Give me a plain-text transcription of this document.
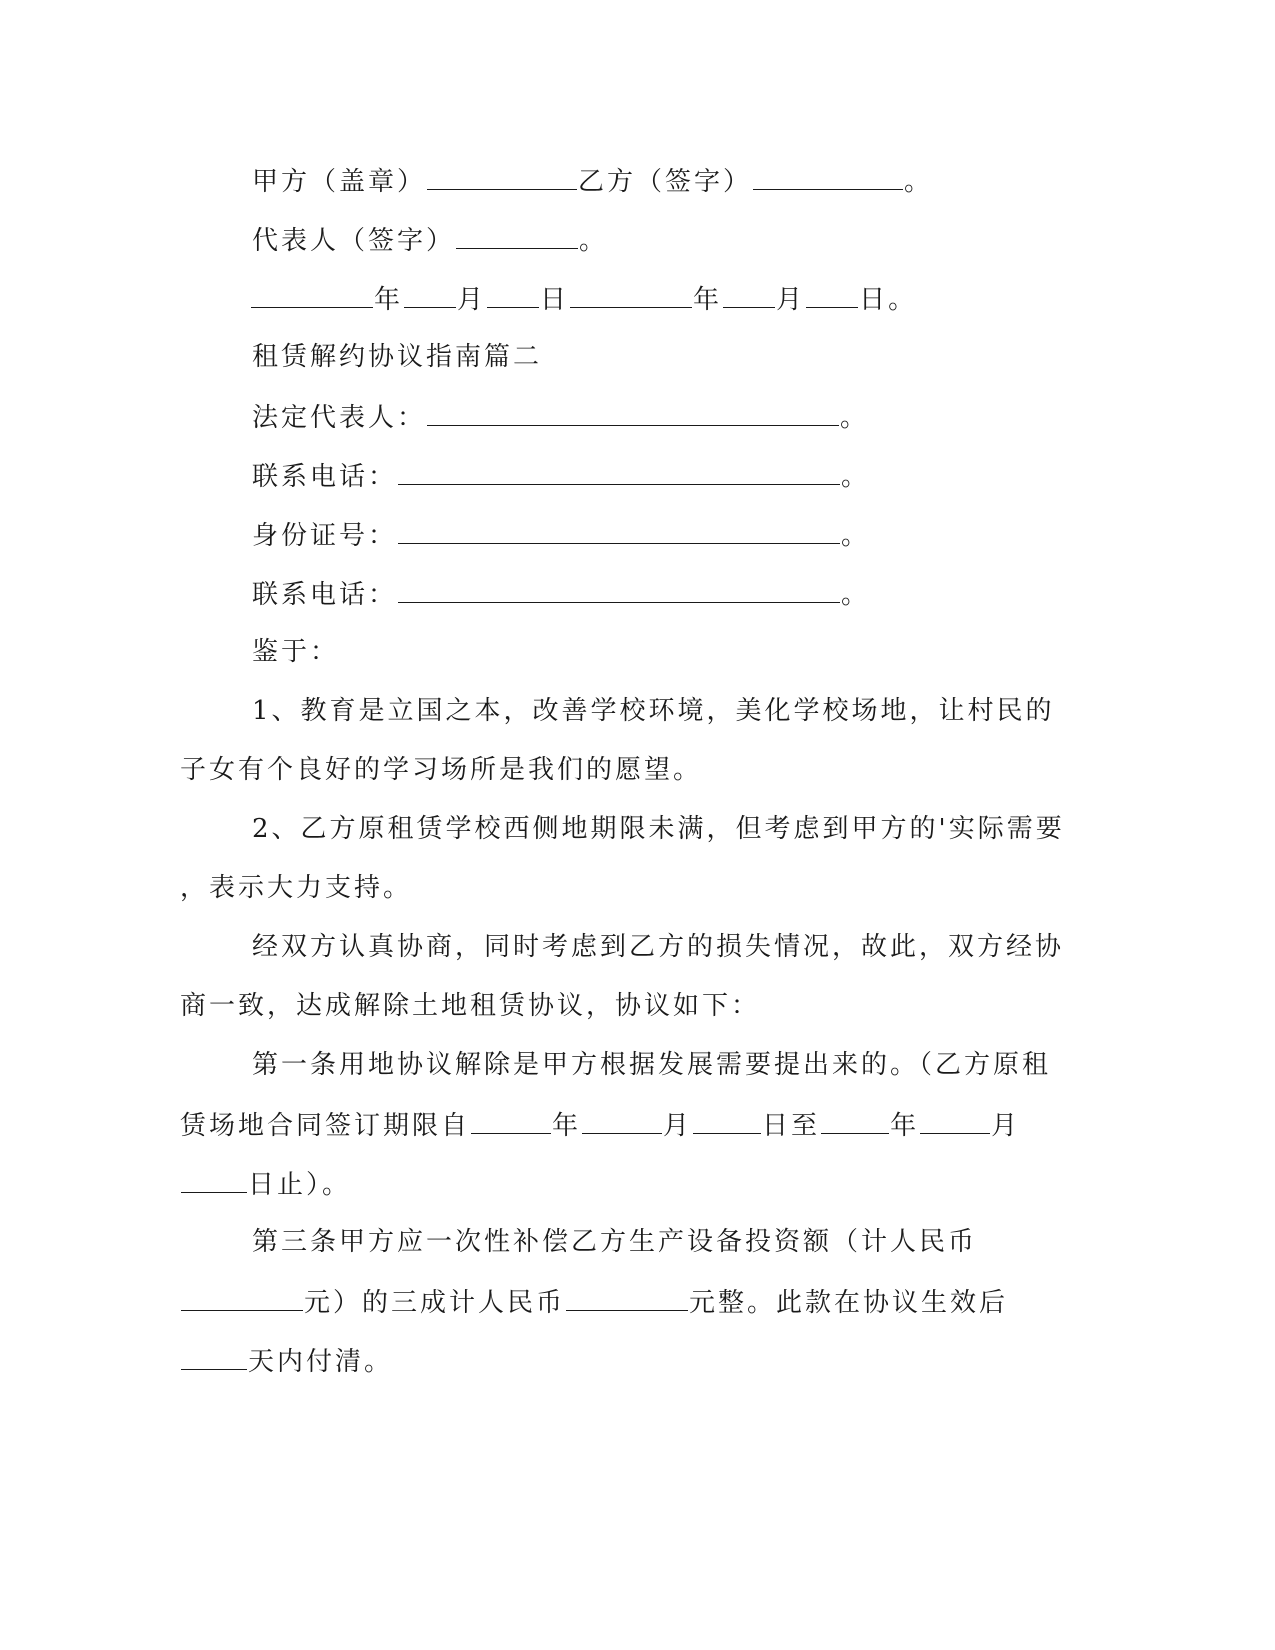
甲方（盖章）	乙方（签字）	。
代表人（签字）	。
年 月 日	年 月 日。
租赁解约协议指南篇二
法定代表人：	。
联系电话：	。
身份证号：	。
联系电话：	。
鉴于：
1、教育是立国之本，改善学校环境，美化学校场地，让村民的
子女有个良好的学习场所是我们的愿望。
2、乙方原租赁学校西侧地期限未满，但考虑到甲方的'实际需要
，表示大力支持。
经双方认真协商，同时考虑到乙方的损失情况，故此，双方经协
商一致，达成解除土地租赁协议，协议如下：
第一条用地协议解除是甲方根据发展需要提出来的。（乙方原租
赁场地合同签订期限自	年	月	日至	年	月
日止）。
第三条甲方应一次性补偿乙方生产设备投资额（计人民币
元）的三成计人民币	元整。此款在协议生效后
天内付清。
